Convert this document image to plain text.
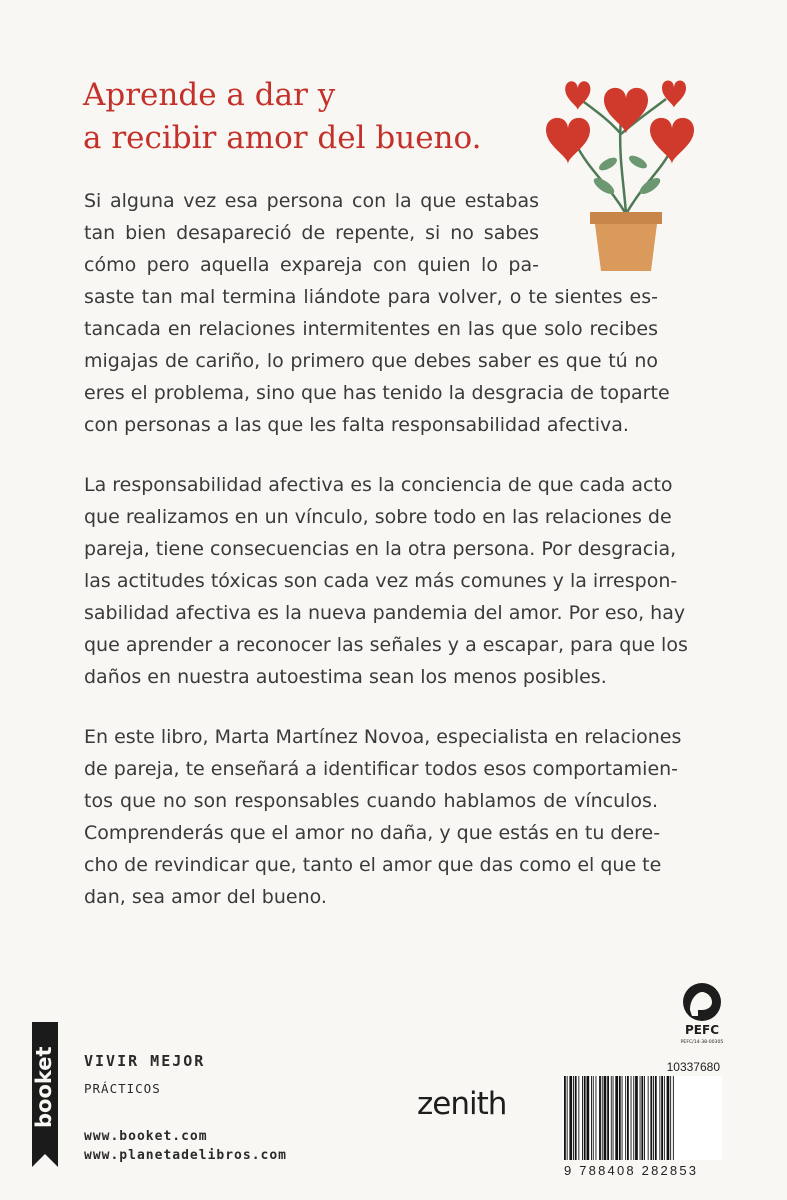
Aprende a dar y
a recibir amor del bueno.
Si alguna vez esa persona con la que estabas
tan bien desapareció de repente, si no sabes
cómo pero aquella expareja con quien lo pa-
saste tan mal termina liándote para volver, o te sientes es-
tancada en relaciones intermitentes en las que solo recibes
migajas de cariño, lo primero que debes saber es que tú no
eres el problema, sino que has tenido la desgracia de toparte
con personas a las que les falta responsabilidad afectiva.
La responsabilidad afectiva es la conciencia de que cada acto
que realizamos en un vínculo, sobre todo en las relaciones de
pareja, tiene consecuencias en la otra persona. Por desgracia,
las actitudes tóxicas son cada vez más comunes y la irrespon-
sabilidad afectiva es la nueva pandemia del amor. Por eso, hay
que aprender a reconocer las señales y a escapar, para que los
daños en nuestra autoestima sean los menos posibles.
En este libro, Marta Martínez Novoa, especialista en relaciones
de pareja, te enseñará a identificar todos esos comportamien-
tos que no son responsables cuando hablamos de vínculos.
Comprenderás que el amor no daña, y que estás en tu dere-
cho de revindicar que, tanto el amor que das como el que te
dan, sea amor del bueno.
PEFC
PEFC/14-38-00305
booket VIVIR MEJOR
PRÁCTICOS
www.booket.com
www.planetadelibros.com
zenith
10337680
9 788408 282853
